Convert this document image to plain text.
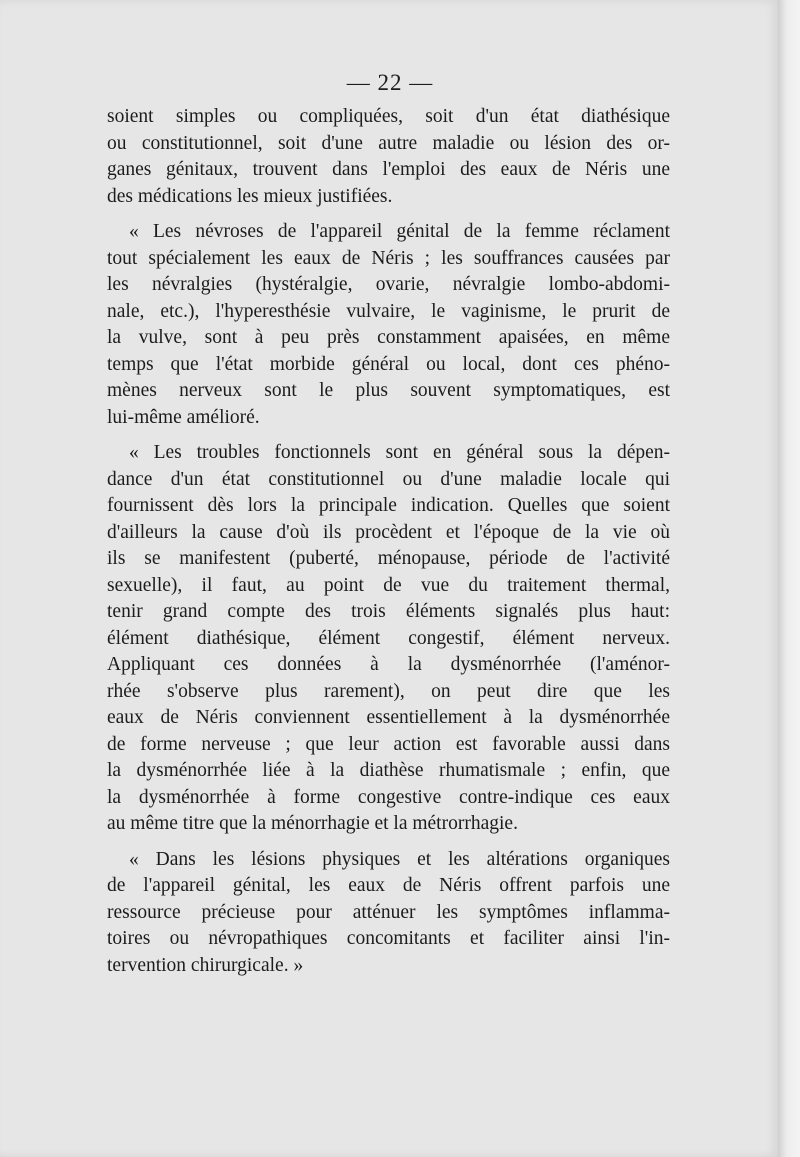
— 22 —

soient simples ou compliquées, soit d'un état diathésique
ou constitutionnel, soit d'une autre maladie ou lésion des or-
ganes génitaux, trouvent dans l'emploi des eaux de Néris une
des médications les mieux justifiées.

« Les névroses de l'appareil génital de la femme réclament
tout spécialement les eaux de Néris ; les souffrances causées par
les névralgies (hystéralgie, ovarie, névralgie lombo-abdomi-
nale, etc.), l'hyperesthésie vulvaire, le vaginisme, le prurit de
la vulve, sont à peu près constamment apaisées, en même
temps que l'état morbide général ou local, dont ces phéno-
mènes nerveux sont le plus souvent symptomatiques, est
lui-même amélioré.

« Les troubles fonctionnels sont en général sous la dépen-
dance d'un état constitutionnel ou d'une maladie locale qui
fournissent dès lors la principale indication. Quelles que soient
d'ailleurs la cause d'où ils procèdent et l'époque de la vie où
ils se manifestent (puberté, ménopause, période de l'activité
sexuelle), il faut, au point de vue du traitement thermal,
tenir grand compte des trois éléments signalés plus haut:
élément diathésique, élément congestif, élément nerveux.
Appliquant ces données à la dysménorrhée (l'aménor-
rhée s'observe plus rarement), on peut dire que les
eaux de Néris conviennent essentiellement à la dysménorrhée
de forme nerveuse ; que leur action est favorable aussi dans
la dysménorrhée liée à la diathèse rhumatismale ; enfin, que
la dysménorrhée à forme congestive contre-indique ces eaux
au même titre que la ménorrhagie et la métrorrhagie.

« Dans les lésions physiques et les altérations organiques
de l'appareil génital, les eaux de Néris offrent parfois une
ressource précieuse pour atténuer les symptômes inflamma-
toires ou névropathiques concomitants et faciliter ainsi l'in-
tervention chirurgicale. »
